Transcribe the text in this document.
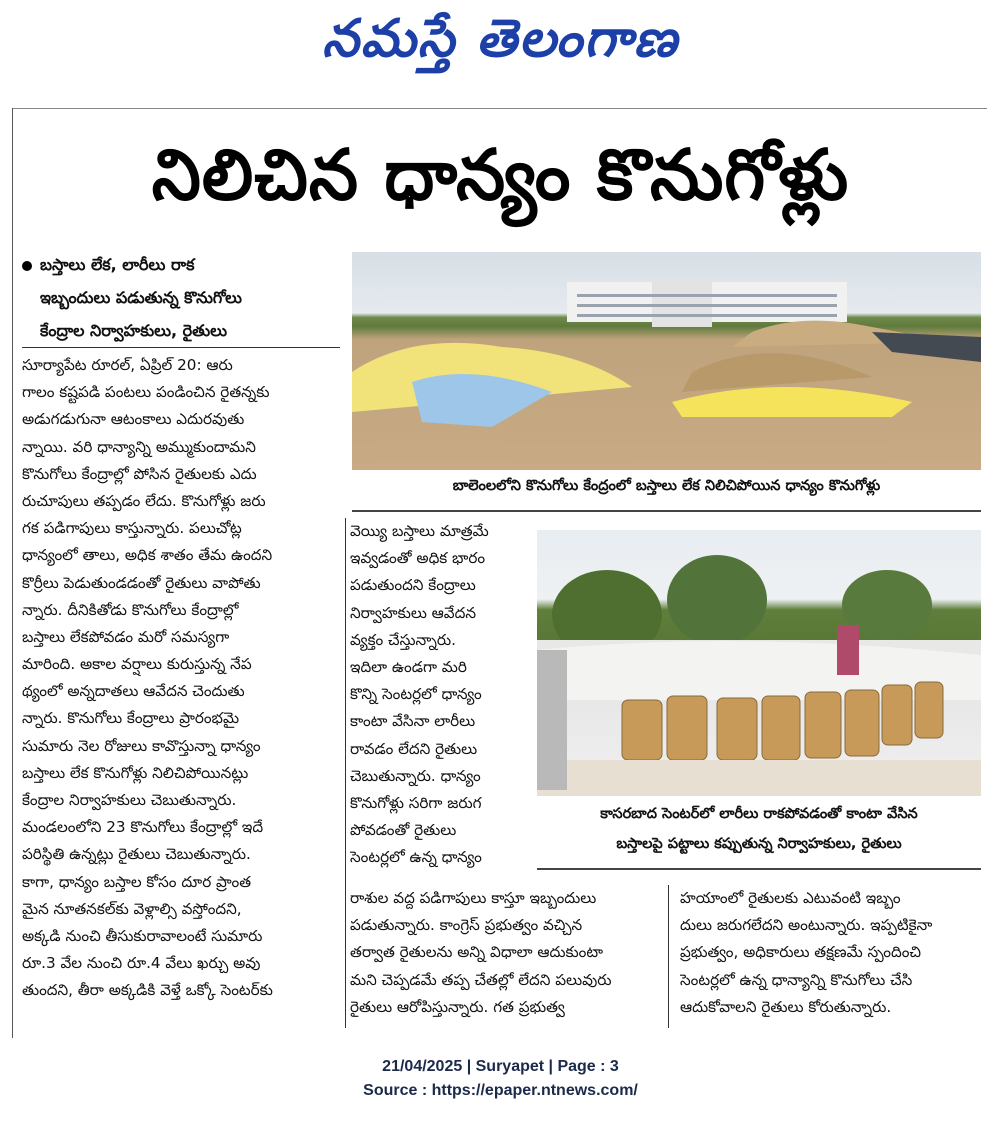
నమస్తే తెలంగాణ
నిలిచిన ధాన్యం కొనుగోళ్లు
బస్తాలు లేక, లారీలు రాక
ఇబ్బందులు పడుతున్న కొనుగోలు
కేంద్రాల నిర్వాహకులు, రైతులు
సూర్యాపేట రూరల్, ఏప్రిల్ 20: ఆరు
గాలం కష్టపడి పంటలు పండించిన రైతన్నకు
అడుగడుగునా ఆటంకాలు ఎదురవుతు
న్నాయి. వరి ధాన్యాన్ని అమ్ముకుందామని
కొనుగోలు కేంద్రాల్లో పోసిన రైతులకు ఎదు
రుచూపులు తప్పడం లేదు. కొనుగోళ్లు జరు
గక పడిగాపులు కాస్తున్నారు. పలుచోట్ల
ధాన్యంలో తాలు, అధిక శాతం తేమ ఉందని
కొర్రీలు పెడుతుండడంతో రైతులు వాపోతు
న్నారు. దీనికితోడు కొనుగోలు కేంద్రాల్లో
బస్తాలు లేకపోవడం మరో సమస్యగా
మారింది. అకాల వర్షాలు కురుస్తున్న నేప
థ్యంలో అన్నదాతలు ఆవేదన చెందుతు
న్నారు. కొనుగోలు కేంద్రాలు ప్రారంభమై
సుమారు నెల రోజులు కావొస్తున్నా ధాన్యం
బస్తాలు లేక కొనుగోళ్లు నిలిచిపోయినట్లు
కేంద్రాల నిర్వాహకులు చెబుతున్నారు.
మండలంలోని 23 కొనుగోలు కేంద్రాల్లో ఇదే
పరిస్థితి ఉన్నట్లు రైతులు చెబుతున్నారు.
కాగా, ధాన్యం బస్తాల కోసం దూర ప్రాంత
మైన నూతనకల్‌కు వెళ్లాల్సి వస్తోందని,
అక్కడి నుంచి తీసుకురావాలంటే సుమారు
రూ.3 వేల నుంచి రూ.4 వేలు ఖర్చు అవు
తుందని, తీరా అక్కడికి వెళ్తే ఒక్కో సెంటర్‌కు
బాలెంలలోని కొనుగోలు కేంద్రంలో బస్తాలు లేక నిలిచిపోయిన ధాన్యం కొనుగోళ్లు
వెయ్యి బస్తాలు మాత్రమే
ఇవ్వడంతో అధిక భారం
పడుతుందని కేంద్రాలు
నిర్వాహకులు ఆవేదన
వ్యక్తం చేస్తున్నారు.
ఇదిలా ఉండగా మరి
కొన్ని సెంటర్లలో ధాన్యం
కాంటా వేసినా లారీలు
రావడం లేదని రైతులు
చెబుతున్నారు. ధాన్యం
కొనుగోళ్లు సరిగా జరుగ
పోవడంతో రైతులు
సెంటర్లలో ఉన్న ధాన్యం
కాసరబాద సెంటర్‌లో లారీలు రాకపోవడంతో కాంటా వేసిన
బస్తాలపై పట్టాలు కప్పుతున్న నిర్వాహకులు, రైతులు
రాశుల వద్ద పడిగాపులు కాస్తూ ఇబ్బందులు
పడుతున్నారు. కాంగ్రెస్ ప్రభుత్వం వచ్చిన
తర్వాత రైతులను అన్ని విధాలా ఆదుకుంటా
మని చెప్పడమే తప్ప చేతల్లో లేదని పలువురు
రైతులు ఆరోపిస్తున్నారు. గత ప్రభుత్వ
హయాంలో రైతులకు ఎటువంటి ఇబ్బం
దులు జరుగలేదని అంటున్నారు. ఇప్పటికైనా
ప్రభుత్వం, అధికారులు తక్షణమే స్పందించి
సెంటర్లలో ఉన్న ధాన్యాన్ని కొనుగోలు చేసి
ఆదుకోవాలని రైతులు కోరుతున్నారు.
21/04/2025 | Suryapet | Page : 3
Source : https://epaper.ntnews.com/
